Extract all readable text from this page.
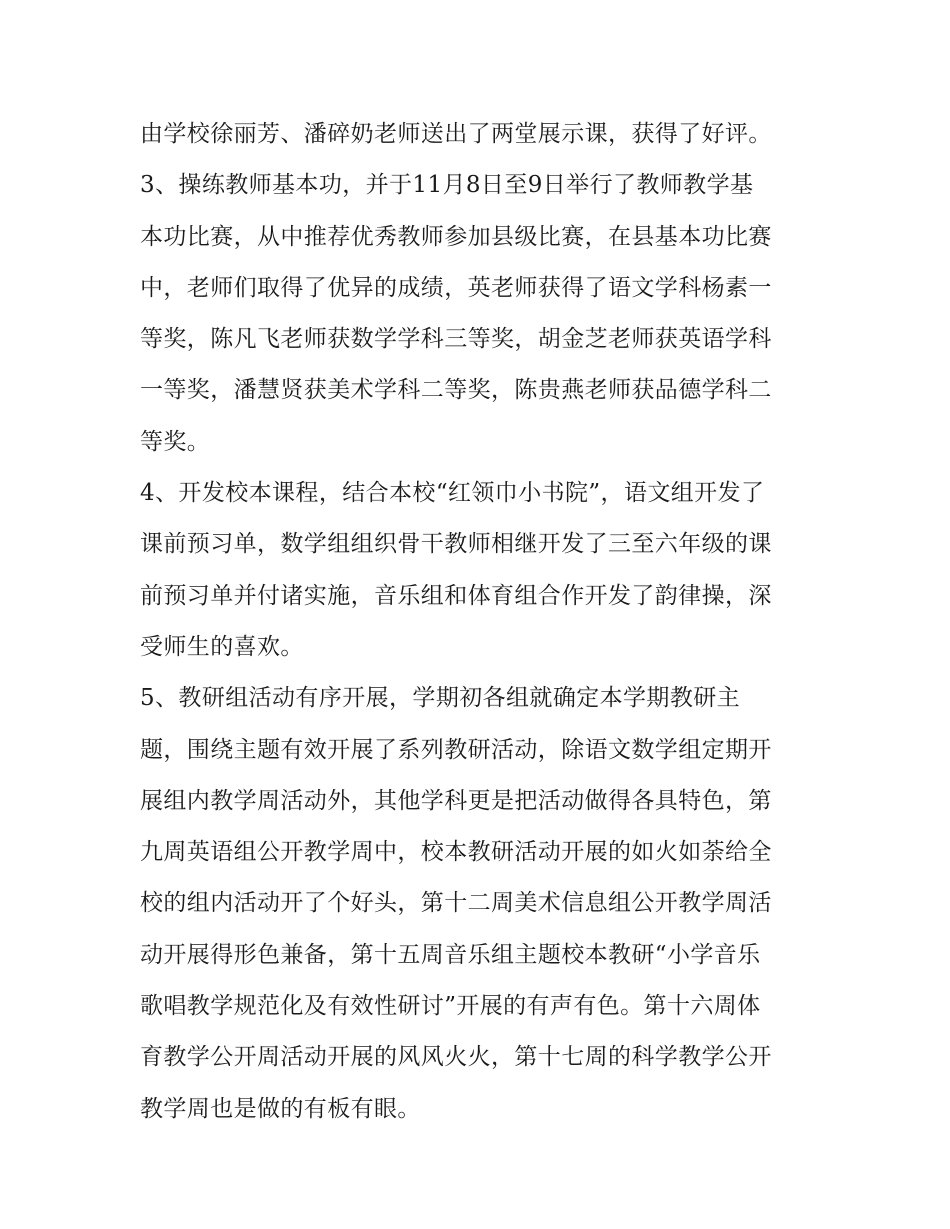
由学校徐丽芳、潘碎奶老师送出了两堂展示课，获得了好评。
3、操练教师基本功，并于11月8日至9日举行了教师教学基
本功比赛，从中推荐优秀教师参加县级比赛，在县基本功比赛
中，老师们取得了优异的成绩，英老师获得了语文学科杨素一
等奖，陈凡飞老师获数学学科三等奖，胡金芝老师获英语学科
一等奖，潘慧贤获美术学科二等奖，陈贵燕老师获品德学科二
等奖。
4、开发校本课程，结合本校“红领巾小书院”，语文组开发了
课前预习单，数学组组织骨干教师相继开发了三至六年级的课
前预习单并付诸实施，音乐组和体育组合作开发了韵律操，深
受师生的喜欢。
5、教研组活动有序开展，学期初各组就确定本学期教研主
题，围绕主题有效开展了系列教研活动，除语文数学组定期开
展组内教学周活动外，其他学科更是把活动做得各具特色，第
九周英语组公开教学周中，校本教研活动开展的如火如荼给全
校的组内活动开了个好头，第十二周美术信息组公开教学周活
动开展得形色兼备，第十五周音乐组主题校本教研“小学音乐
歌唱教学规范化及有效性研讨”开展的有声有色。第十六周体
育教学公开周活动开展的风风火火，第十七周的科学教学公开
教学周也是做的有板有眼。
